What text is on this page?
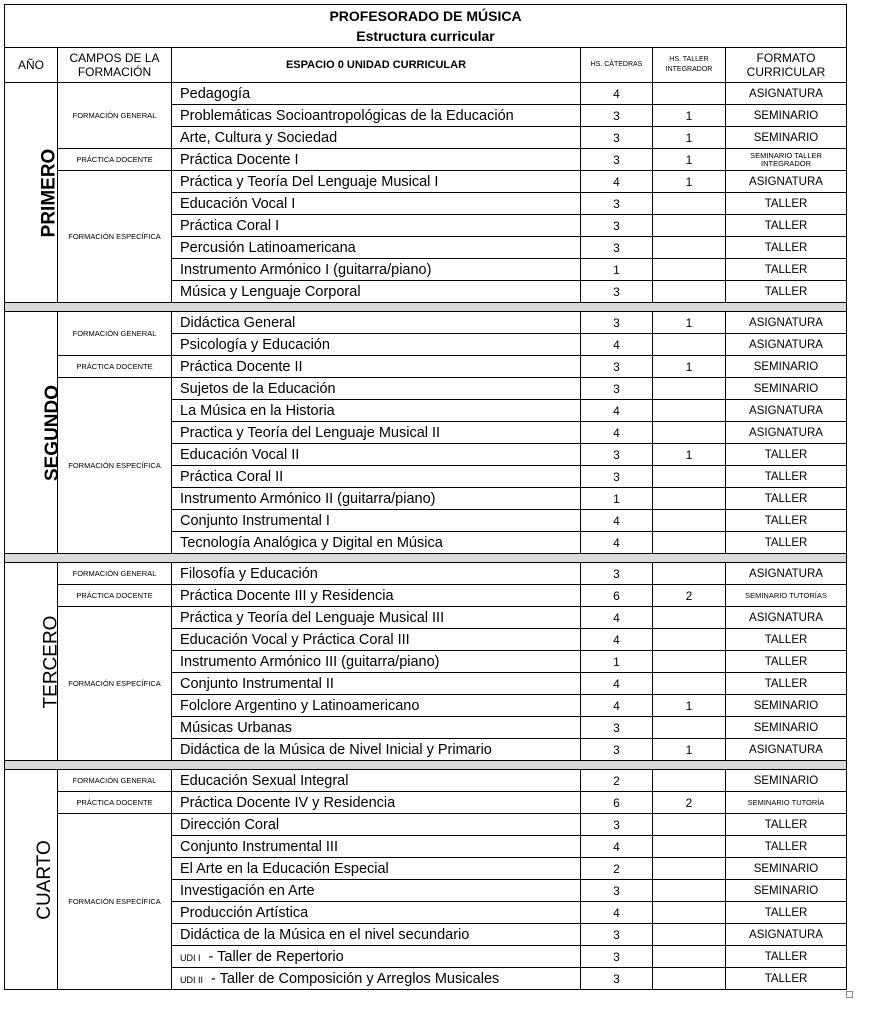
PROFESORADO DE MÚSICA
Estructura curricular					

AÑO	CAMPOS DE LA FORMACIÓN	ESPACIO 0 UNIDAD CURRICULAR	HS. CÁTEDRAS	HS. TALLER INTEGRADOR	FORMATO CURRICULAR
PRIMERO	FORMACIÓN GENERAL	Pedagogía	4		ASIGNATURA
		Problemáticas Socioantropológicas de la Educación	3	1	SEMINARIO
		Arte, Cultura y Sociedad	3	1	SEMINARIO
	PRÁCTICA DOCENTE	Práctica Docente I	3	1	SEMINARIO TALLER INTEGRADOR
	FORMACIÓN ESPECÍFICA	Práctica y Teoría Del Lenguaje Musical I	4	1	ASIGNATURA
		Educación Vocal I	3		TALLER
		Práctica Coral I	3		TALLER
		Percusión Latinoamericana	3		TALLER
		Instrumento Armónico I (guitarra/piano)	1		TALLER
		Música y Lenguaje Corporal	3		TALLER

SEGUNDO	FORMACIÓN GENERAL	Didáctica General	3	1	ASIGNATURA
		Psicología y Educación	4		ASIGNATURA
	PRÁCTICA DOCENTE	Práctica Docente II	3	1	SEMINARIO
	FORMACIÓN ESPECÍFICA	Sujetos de la Educación	3		SEMINARIO
		La Música en la Historia	4		ASIGNATURA
		Practica y Teoría del Lenguaje Musical II	4		ASIGNATURA
		Educación Vocal II	3	1	TALLER
		Práctica Coral II	3		TALLER
		Instrumento Armónico II (guitarra/piano)	1		TALLER
		Conjunto Instrumental I	4		TALLER
		Tecnología Analógica y Digital en Música	4		TALLER

TERCERO	FORMACIÓN GENERAL	Filosofía y Educación	3		ASIGNATURA
	PRÁCTICA DOCENTE	Práctica Docente III y Residencia	6	2	SEMINARIO TUTORÍAS
	FORMACIÓN ESPECÍFICA	Práctica y Teoría del Lenguaje Musical III	4		ASIGNATURA
		Educación Vocal y Práctica Coral III	4		TALLER
		Instrumento Armónico III (guitarra/piano)	1		TALLER
		Conjunto Instrumental II	4		TALLER
		Folclore Argentino y Latinoamericano	4	1	SEMINARIO
		Músicas Urbanas	3		SEMINARIO
		Didáctica de la Música de Nivel Inicial y Primario	3	1	ASIGNATURA

CUARTO	FORMACIÓN GENERAL	Educación Sexual Integral	2		SEMINARIO
	PRÁCTICA DOCENTE	Práctica Docente IV y Residencia	6	2	SEMINARIO TUTORÍA
	FORMACIÓN ESPECÍFICA	Dirección Coral	3		TALLER
		Conjunto Instrumental III	4		TALLER
		El Arte en la Educación Especial	2		SEMINARIO
		Investigación en Arte	3		SEMINARIO
		Producción Artística	4		TALLER
		Didáctica de la Música en el nivel secundario	3		ASIGNATURA
		UDI I - Taller de Repertorio	3		TALLER
		UDI II - Taller de Composición y Arreglos Musicales	3		TALLER
